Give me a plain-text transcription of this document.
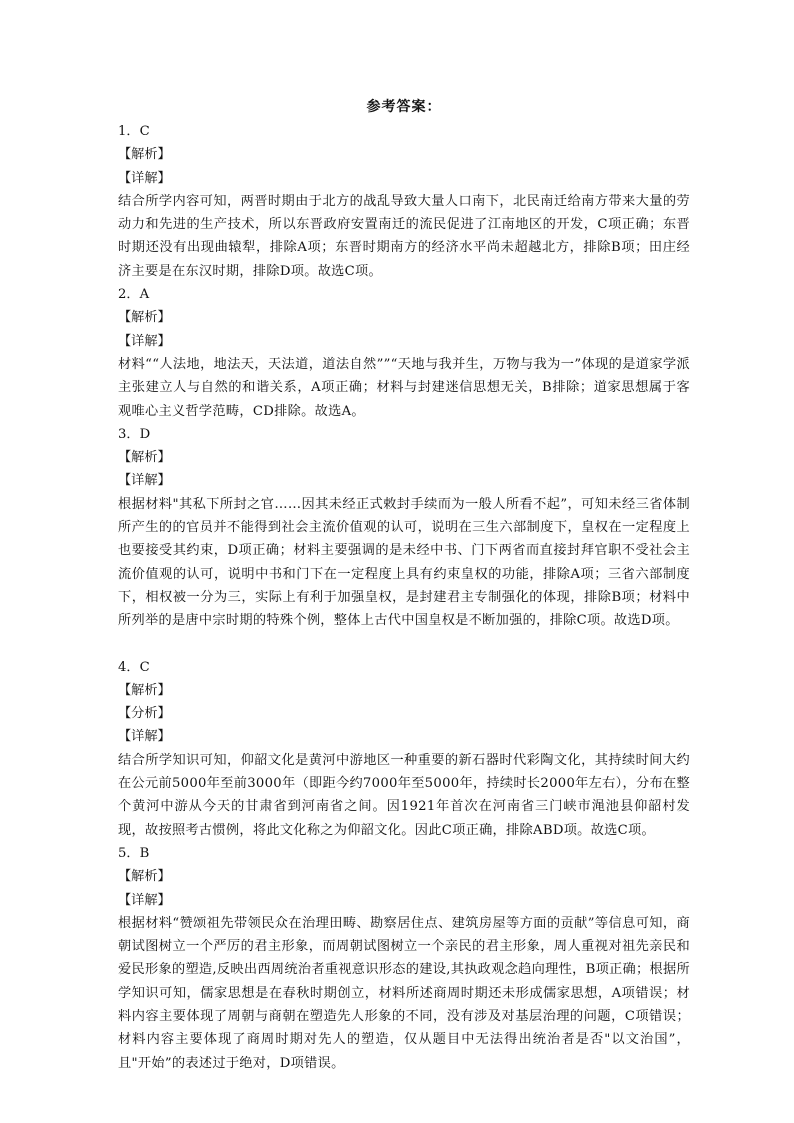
参考答案：
1．C
【解析】
【详解】
结合所学内容可知，两晋时期由于北方的战乱导致大量人口南下，北民南迁给南方带来大量的劳动力和先进的生产技术，所以东晋政府安置南迁的流民促进了江南地区的开发，C项正确；东晋时期还没有出现曲辕犁，排除A项；东晋时期南方的经济水平尚未超越北方，排除B项；田庄经济主要是在东汉时期，排除D项。故选C项。
2．A
【解析】
【详解】
材料““人法地，地法天，天法道，道法自然””“天地与我并生，万物与我为一”体现的是道家学派主张建立人与自然的和谐关系，A项正确；材料与封建迷信思想无关，B排除；道家思想属于客观唯心主义哲学范畴，CD排除。故选A。
3．D
【解析】
【详解】
根据材料"其私下所封之官……因其未经正式敕封手续而为一般人所看不起”，可知未经三省体制所产生的的官员并不能得到社会主流价值观的认可，说明在三生六部制度下，皇权在一定程度上也要接受其约束，D项正确；材料主要强调的是未经中书、门下两省而直接封拜官职不受社会主流价值观的认可，说明中书和门下在一定程度上具有约束皇权的功能，排除A项；三省六部制度下，相权被一分为三，实际上有利于加强皇权，是封建君主专制强化的体现，排除B项；材料中所列举的是唐中宗时期的特殊个例，整体上古代中国皇权是不断加强的，排除C项。故选D项。
4．C
【解析】
【分析】
【详解】
结合所学知识可知，仰韶文化是黄河中游地区一种重要的新石器时代彩陶文化，其持续时间大约在公元前5000年至前3000年（即距今约7000年至5000年，持续时长2000年左右），分布在整个黄河中游从今天的甘肃省到河南省之间。因1921年首次在河南省三门峡市渑池县仰韶村发现，故按照考古惯例，将此文化称之为仰韶文化。因此C项正确，排除ABD项。故选C项。
5．B
【解析】
【详解】
根据材料“赞颂祖先带领民众在治理田畴、勘察居住点、建筑房屋等方面的贡献”等信息可知，商朝试图树立一个严厉的君主形象，而周朝试图树立一个亲民的君主形象，周人重视对祖先亲民和爱民形象的塑造,反映出西周统治者重视意识形态的建设,其执政观念趋向理性，B项正确；根据所学知识可知，儒家思想是在春秋时期创立，材料所述商周时期还未形成儒家思想，A项错误；材料内容主要体现了周朝与商朝在塑造先人形象的不同，没有涉及对基层治理的问题，C项错误；材料内容主要体现了商周时期对先人的塑造，仅从题目中无法得出统治者是否"以文治国”，且"开始”的表述过于绝对，D项错误。
